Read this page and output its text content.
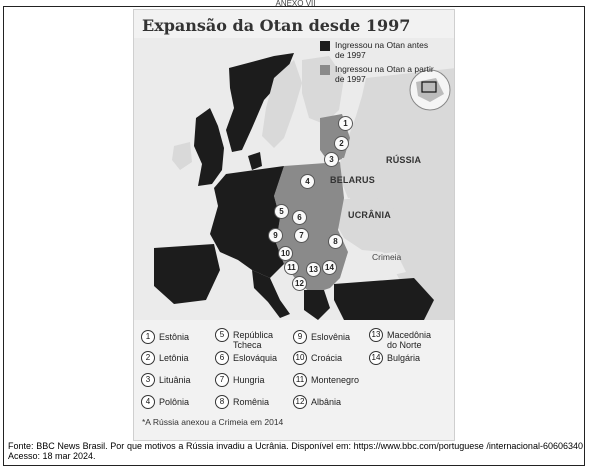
ANEXO VII
Expansão da Otan desde 1997
RÚSSIA
BELARUS
UCRÂNIA
Crimeia
1
2
3
4
5
6
7
8
9
10
11
12
13 14
Ingressou na Otan antes
de 1997
Ingressou na Otan a partir
de 1997
1 Estônia
2 Letônia
3 Lituânia
4 Polônia
5 República
Tcheca
6 Eslováquia
7 Hungria
8 Romênia
9 Eslovênia
10 Croácia
11 Montenegro
12 Albânia
13 Macedônia
do Norte
14 Bulgária
*A Rússia anexou a Crimeia em 2014
Fonte: BBC News Brasil. Por que motivos a Rússia invadiu a Ucrânia. Disponível em: https://www.bbc.com/portuguese /internacional-60606340 Acesso: 18 mar 2024.
